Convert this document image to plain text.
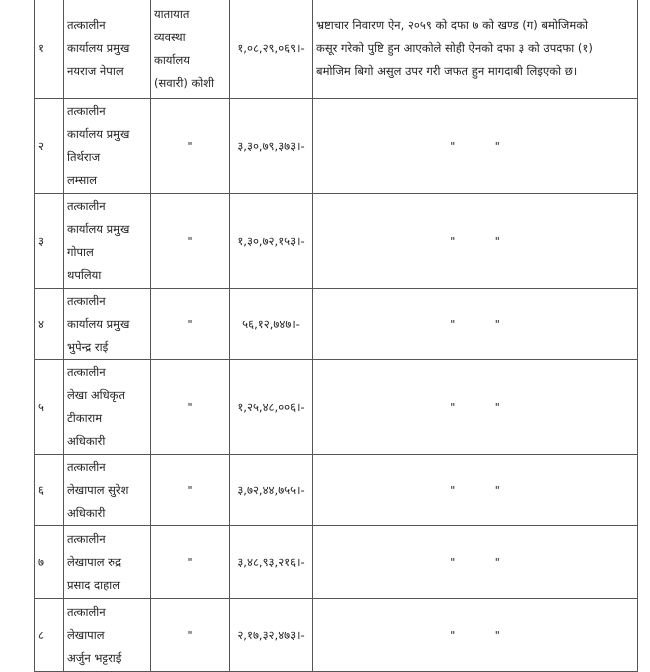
१	तत्कालीन
कार्यालय प्रमुख
नयराज नेपाल	यातायात
व्यवस्था
कार्यालय
(सवारी) कोशी	१,०८,२९,०६९।-	भ्रष्टाचार निवारण ऐन, २०५९ को दफा ७ को खण्ड (ग) बमोजिमको
कसूर गरेको पुष्टि हुन आएकोले सोही ऐनको दफा ३ को उपदफा (१)
बमोजिम बिगो असुल उपर गरी जफत हुन मागदाबी लिइएको छ।

२	तत्कालीन
कार्यालय प्रमुख
तिर्थराज
लम्साल	"	३,३०,७९,३७३।-	" "

३	तत्कालीन
कार्यालय प्रमुख
गोपाल
थपलिया	"	१,३०,७२,१५३।-	" "

४	तत्कालीन
कार्यालय प्रमुख
भुपेन्द्र राई	"	५६,१२,७४७।-	" "

५	तत्कालीन
लेखा अधिकृत
टीकाराम
अधिकारी	"	१,२५,४८,००६।-	" "

६	तत्कालीन
लेखापाल सुरेश
अधिकारी	"	३,७२,४४,७५५।-	" "

७	तत्कालीन
लेखापाल रुद्र
प्रसाद दाहाल	"	३,४८,९३,२१६।-	" "

८	तत्कालीन
लेखापाल
अर्जुन भट्टराई	"	२,१७,३२,४७३।-	" "
